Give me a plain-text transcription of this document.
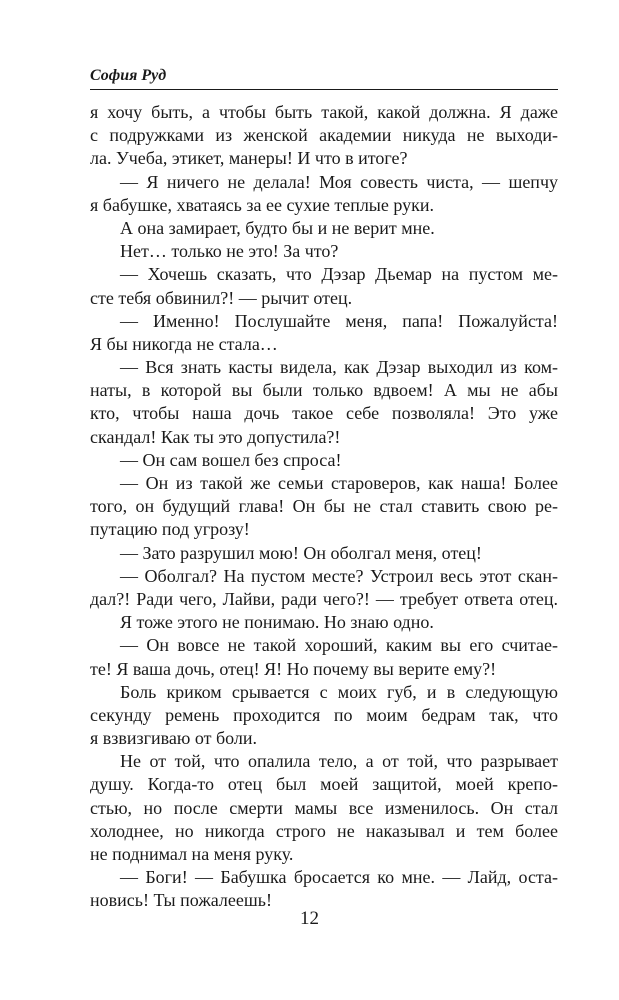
София Руд
я хочу быть, а чтобы быть такой, какой должна. Я даже
с подружками из женской академии никуда не выходи-
ла. Учеба, этикет, манеры! И что в итоге?
— Я ничего не делала! Моя совесть чиста, — шепчу
я бабушке, хватаясь за ее сухие теплые руки.
А она замирает, будто бы и не верит мне.
Нет… только не это! За что?
— Хочешь сказать, что Дэзар Дьемар на пустом ме-
сте тебя обвинил?! — рычит отец.
— Именно! Послушайте меня, папа! Пожалуйста!
Я бы никогда не стала…
— Вся знать касты видела, как Дэзар выходил из ком-
наты, в которой вы были только вдвоем! А мы не абы
кто, чтобы наша дочь такое себе позволяла! Это уже
скандал! Как ты это допустила?!
— Он сам вошел без спроса!
— Он из такой же семьи староверов, как наша! Более
того, он будущий глава! Он бы не стал ставить свою ре-
путацию под угрозу!
— Зато разрушил мою! Он оболгал меня, отец!
— Оболгал? На пустом месте? Устроил весь этот скан-
дал?! Ради чего, Лайви, ради чего?! — требует ответа отец.
Я тоже этого не понимаю. Но знаю одно.
— Он вовсе не такой хороший, каким вы его считае-
те! Я ваша дочь, отец! Я! Но почему вы верите ему?!
Боль криком срывается с моих губ, и в следующую
секунду ремень проходится по моим бедрам так, что
я взвизгиваю от боли.
Не от той, что опалила тело, а от той, что разрывает
душу. Когда-то отец был моей защитой, моей крепо-
стью, но после смерти мамы все изменилось. Он стал
холоднее, но никогда строго не наказывал и тем более
не поднимал на меня руку.
— Боги! — Бабушка бросается ко мне. — Лайд, оста-
новись! Ты пожалеешь!
12
